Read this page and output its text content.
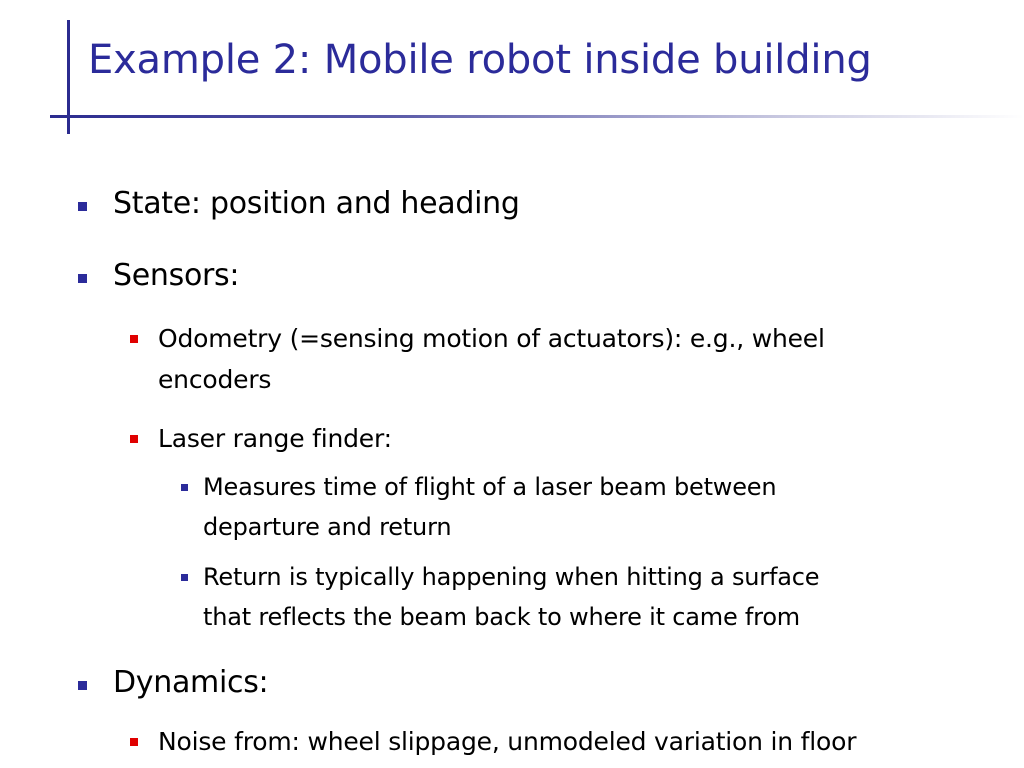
Example 2: Mobile robot inside building
State: position and heading
Sensors:
Odometry (=sensing motion of actuators): e.g., wheel
encoders
Laser range finder:
Measures time of flight of a laser beam between
departure and return
Return is typically happening when hitting a surface
that reflects the beam back to where it came from
Dynamics:
Noise from: wheel slippage, unmodeled variation in floor
